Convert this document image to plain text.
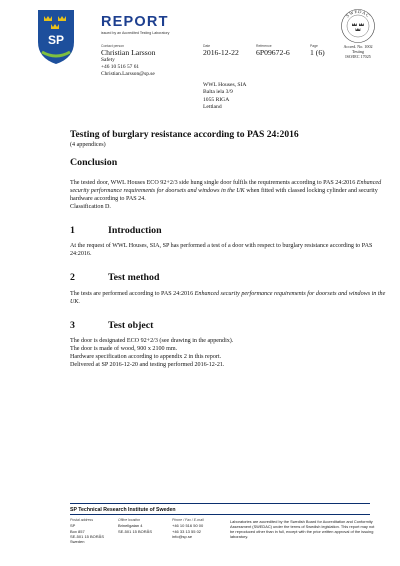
SP
REPORT
issued by an Accredited Testing Laboratory
Contact person
Christian Larsson
Safety
+46 10 516 57 61
Christian.Larsson@sp.se
Date
2016-12-22
Reference
6P09672-6
Page
1 (6)
SWEDAC
Accred. No. 1002
Testing
ISO/IEC 17025
WWL Houses, SIA
Balta iela 3/9
1055 RIGA
Lettland
Testing of burglary resistance according to PAS 24:2016
(4 appendices)
Conclusion
The tested door, WWL Houses ECO 92+2/3 side hung single door fulfils the requirements according to PAS 24:2016 Enhanced security performance requirements for doorsets and windows in the UK when fitted with classed locking cylinder and security hardware according to PAS 24.
Classification D.
1	Introduction
At the request of WWL Houses, SIA, SP has performed a test of a door with respect to burglary resistance according to PAS 24:2016.
2	Test method
The tests are performed according to PAS 24:2016 Enhanced security performance requirements for doorsets and windows in the UK.
3	Test object
The door is designated ECO 92+2/3 (see drawing in the appendix).
The door is made of wood, 900 x 2100 mm.
Hardware specification according to appendix 2 in this report.
Delivered at SP 2016-12-20 and testing performed 2016-12-21.
SP Technical Research Institute of Sweden
Postal address
SP
Box 857
SE-501 15 BORÅS
Sweden
Office location
Brinellgatan 4
SE-501 15 BORÅS
Phone / Fax / E-mail
+46 10 516 50 00
+46 33 13 55 02
info@sp.se
Laboratories are accredited by the Swedish Board for Accreditation and Conformity Assessment (SWEDAC) under the terms of Swedish legislation. This report may not be reproduced other than in full, except with the prior written approval of the issuing laboratory.
